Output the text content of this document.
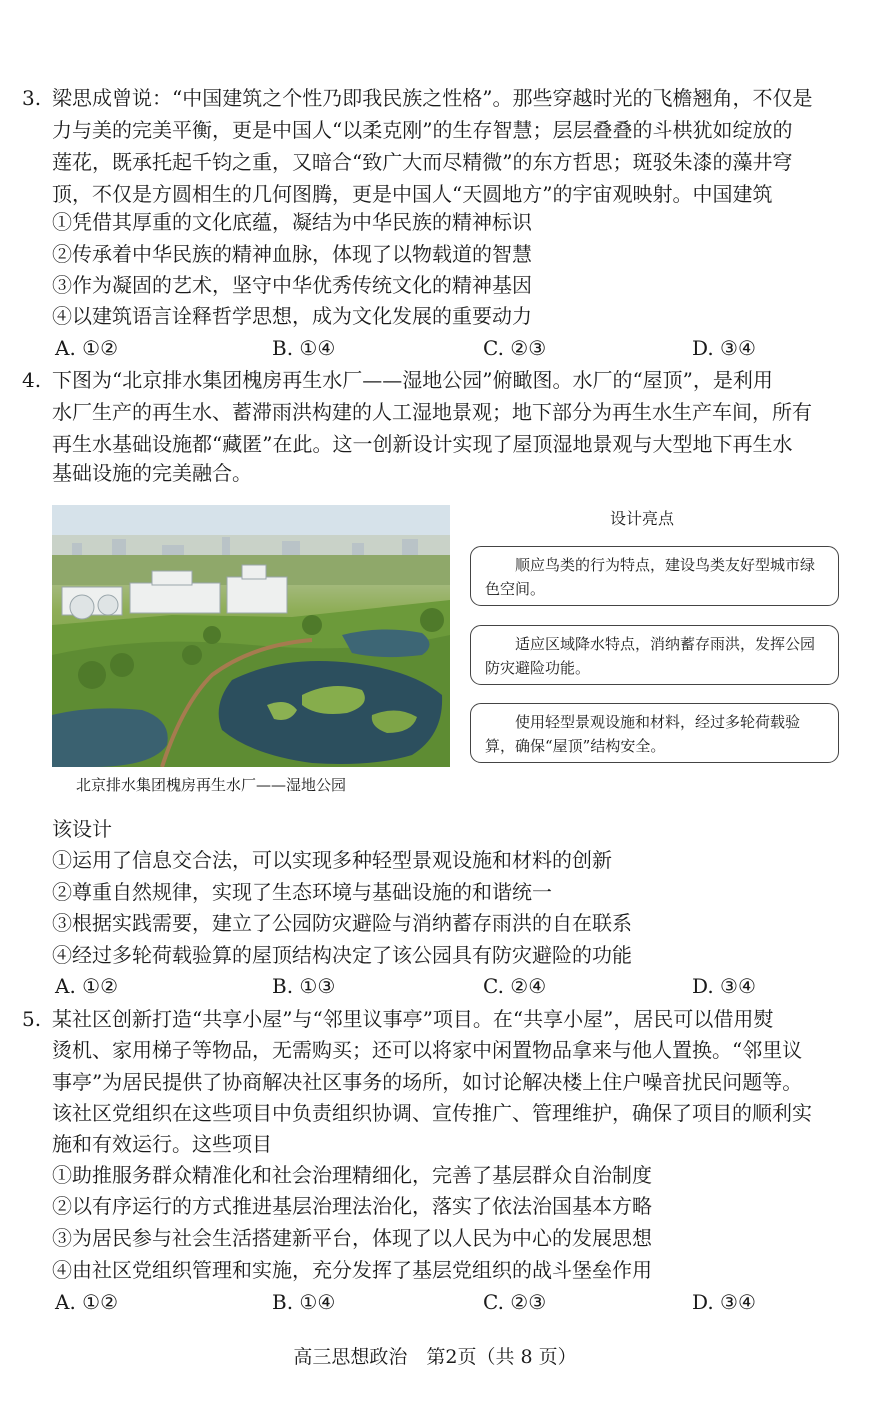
3. 梁思成曾说：“中国建筑之个性乃即我民族之性格”。那些穿越时光的飞檐翘角，不仅是
力与美的完美平衡，更是中国人“以柔克刚”的生存智慧；层层叠叠的斗栱犹如绽放的
莲花，既承托起千钧之重，又暗合“致广大而尽精微”的东方哲思；斑驳朱漆的藻井穹
顶，不仅是方圆相生的几何图腾，更是中国人“天圆地方”的宇宙观映射。中国建筑
①凭借其厚重的文化底蕴，凝结为中华民族的精神标识
②传承着中华民族的精神血脉，体现了以物载道的智慧
③作为凝固的艺术，坚守中华优秀传统文化的精神基因
④以建筑语言诠释哲学思想，成为文化发展的重要动力
A. ①②	B. ①④	C. ②③	D. ③④
4. 下图为“北京排水集团槐房再生水厂——湿地公园”俯瞰图。水厂的“屋顶”，是利用
水厂生产的再生水、蓄滞雨洪构建的人工湿地景观；地下部分为再生水生产车间，所有
再生水基础设施都“藏匿”在此。这一创新设计实现了屋顶湿地景观与大型地下再生水
基础设施的完美融合。
北京排水集团槐房再生水厂——湿地公园
设计亮点
顺应鸟类的行为特点，建设鸟类友好型城市绿色空间。
适应区域降水特点，消纳蓄存雨洪，发挥公园防灾避险功能。
使用轻型景观设施和材料，经过多轮荷载验算，确保“屋顶”结构安全。
该设计
①运用了信息交合法，可以实现多种轻型景观设施和材料的创新
②尊重自然规律，实现了生态环境与基础设施的和谐统一
③根据实践需要，建立了公园防灾避险与消纳蓄存雨洪的自在联系
④经过多轮荷载验算的屋顶结构决定了该公园具有防灾避险的功能
A. ①②	B. ①③	C. ②④	D. ③④
5. 某社区创新打造“共享小屋”与“邻里议事亭”项目。在“共享小屋”，居民可以借用熨
烫机、家用梯子等物品，无需购买；还可以将家中闲置物品拿来与他人置换。“邻里议
事亭”为居民提供了协商解决社区事务的场所，如讨论解决楼上住户噪音扰民问题等。
该社区党组织在这些项目中负责组织协调、宣传推广、管理维护，确保了项目的顺利实
施和有效运行。这些项目
①助推服务群众精准化和社会治理精细化，完善了基层群众自治制度
②以有序运行的方式推进基层治理法治化，落实了依法治国基本方略
③为居民参与社会生活搭建新平台，体现了以人民为中心的发展思想
④由社区党组织管理和实施，充分发挥了基层党组织的战斗堡垒作用
A. ①②	B. ①④	C. ②③	D. ③④
高三思想政治　第2页（共 8 页）
